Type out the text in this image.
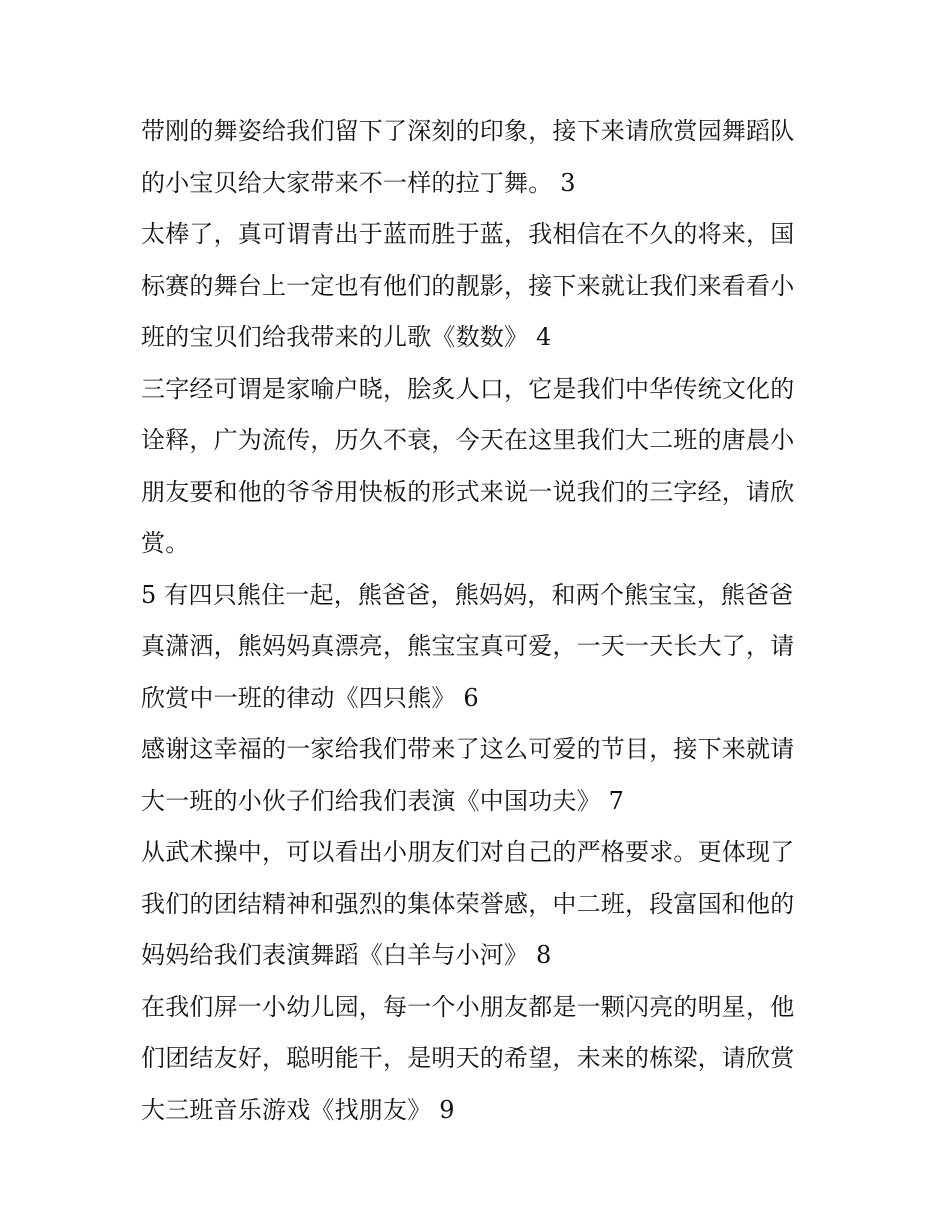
带刚的舞姿给我们留下了深刻的印象，接下来请欣赏园舞蹈队
的小宝贝给大家带来不一样的拉丁舞。 3
太棒了，真可谓青出于蓝而胜于蓝，我相信在不久的将来，国
标赛的舞台上一定也有他们的靓影，接下来就让我们来看看小
班的宝贝们给我带来的儿歌《数数》 4
三字经可谓是家喻户晓，脍炙人口，它是我们中华传统文化的
诠释，广为流传，历久不衰，今天在这里我们大二班的唐晨小
朋友要和他的爷爷用快板的形式来说一说我们的三字经，请欣
赏。
5 有四只熊住一起，熊爸爸，熊妈妈，和两个熊宝宝，熊爸爸
真潇洒，熊妈妈真漂亮，熊宝宝真可爱，一天一天长大了，请
欣赏中一班的律动《四只熊》 6
感谢这幸福的一家给我们带来了这么可爱的节目，接下来就请
大一班的小伙子们给我们表演《中国功夫》 7
从武术操中，可以看出小朋友们对自己的严格要求。更体现了
我们的团结精神和强烈的集体荣誉感，中二班，段富国和他的
妈妈给我们表演舞蹈《白羊与小河》 8
在我们屏一小幼儿园，每一个小朋友都是一颗闪亮的明星，他
们团结友好，聪明能干，是明天的希望，未来的栋梁，请欣赏
大三班音乐游戏《找朋友》 9
